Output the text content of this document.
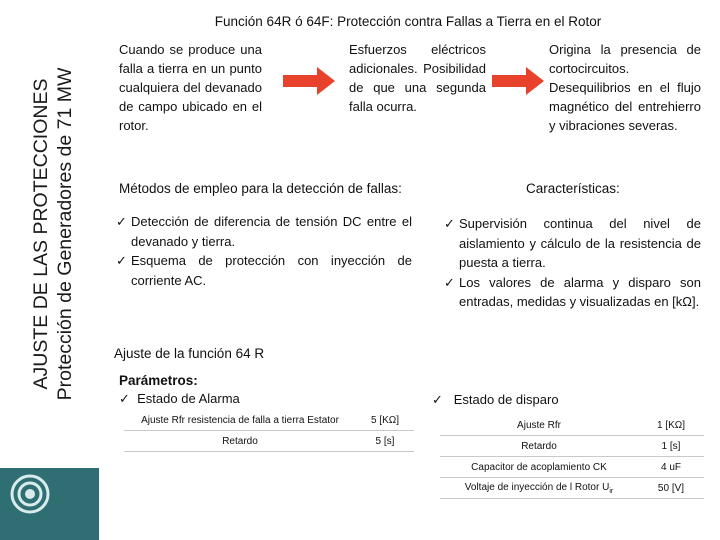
AJUSTE DE LAS PROTECCIONES Protección de Generadores de 71 MW
Función 64R ó 64F: Protección contra Fallas a Tierra en el Rotor
Cuando se produce una falla a tierra en un punto cualquiera del devanado de campo ubicado en el rotor.
Esfuerzos eléctricos adicionales. Posibilidad de que una segunda falla ocurra.
Origina la presencia de cortocircuitos. Desequilibrios en el flujo magnético del entrehierro y vibraciones severas.
Métodos de empleo para la detección de fallas:
✓ Detección de diferencia de tensión DC entre el devanado y tierra.
✓ Esquema de protección con inyección de corriente AC.
Características:
✓ Supervisión continua del nivel de aislamiento y cálculo de la resistencia de puesta a tierra.
✓ Los valores de alarma y disparo son entradas, medidas y visualizadas en [kΩ].
Ajuste de la función 64 R
Parámetros:
✓ Estado de Alarma	✓ Estado de disparo
Ajuste Rfr resistencia de falla a tierra Estator	5 [KΩ]
Retardo	5 [s]
Ajuste Rfr	1 [KΩ]
Retardo	1 [s]
Capacitor de acoplamiento CK	4 uF
Voltaje de inyección de l Rotor $U_{ir}$	50 [V]
